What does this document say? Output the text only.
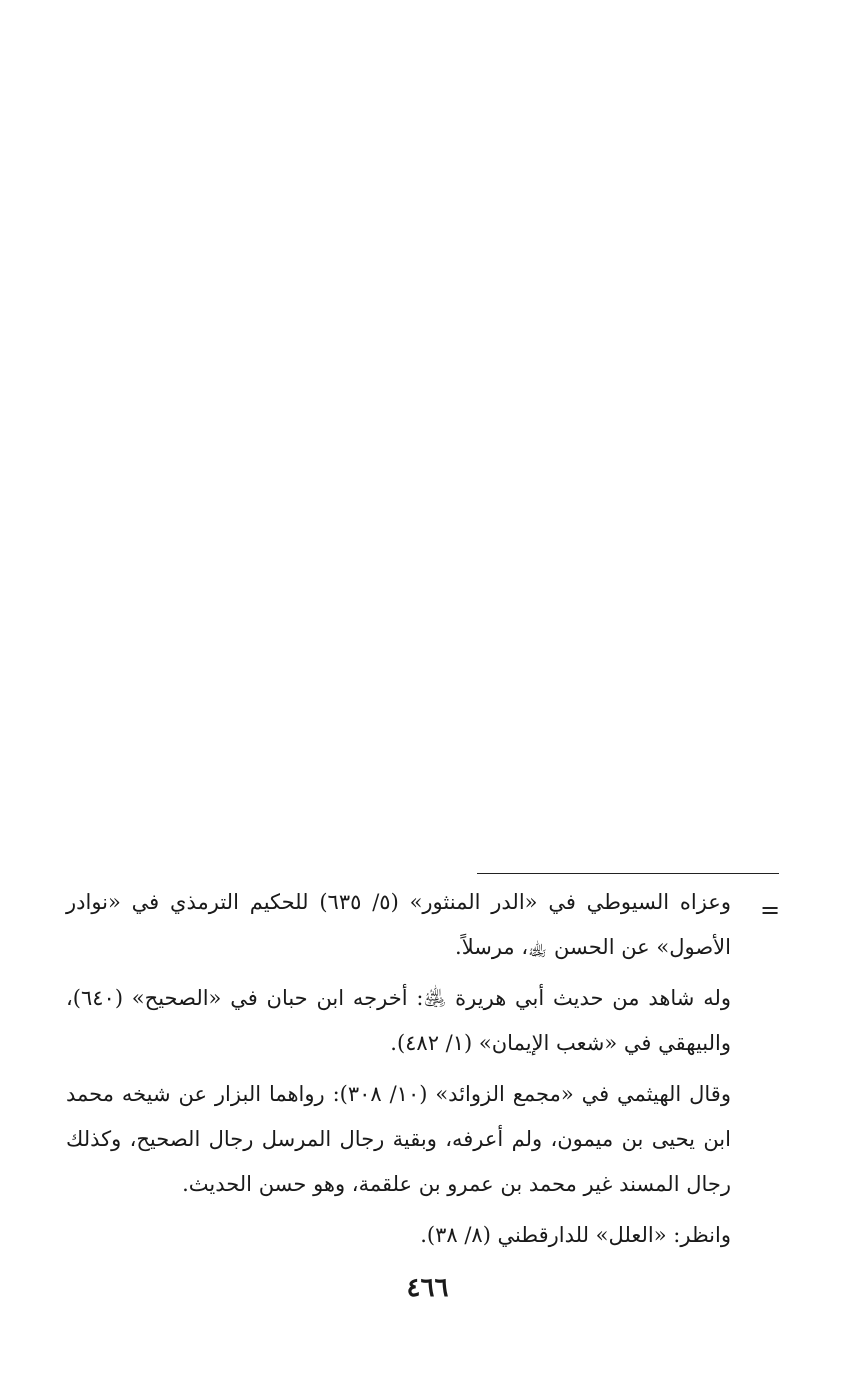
=

وعزاه السيوطي في «الدر المنثور» (٥/ ٦٣٥) للحكيم الترمذي في «نوادر الأصول» عن الحسن ﵀، مرسلاً.

وله شاهد من حديث أبي هريرة ﵁: أخرجه ابن حبان في «الصحيح» (٦٤٠)، والبيهقي في «شعب الإيمان» (١/ ٤٨٢).

وقال الهيثمي في «مجمع الزوائد» (١٠/ ٣٠٨): رواهما البزار عن شيخه محمد ابن يحيى بن ميمون، ولم أعرفه، وبقية رجال المرسل رجال الصحيح، وكذلك رجال المسند غير محمد بن عمرو بن علقمة، وهو حسن الحديث.

وانظر: «العلل» للدارقطني (٨/ ٣٨).

٤٦٦
